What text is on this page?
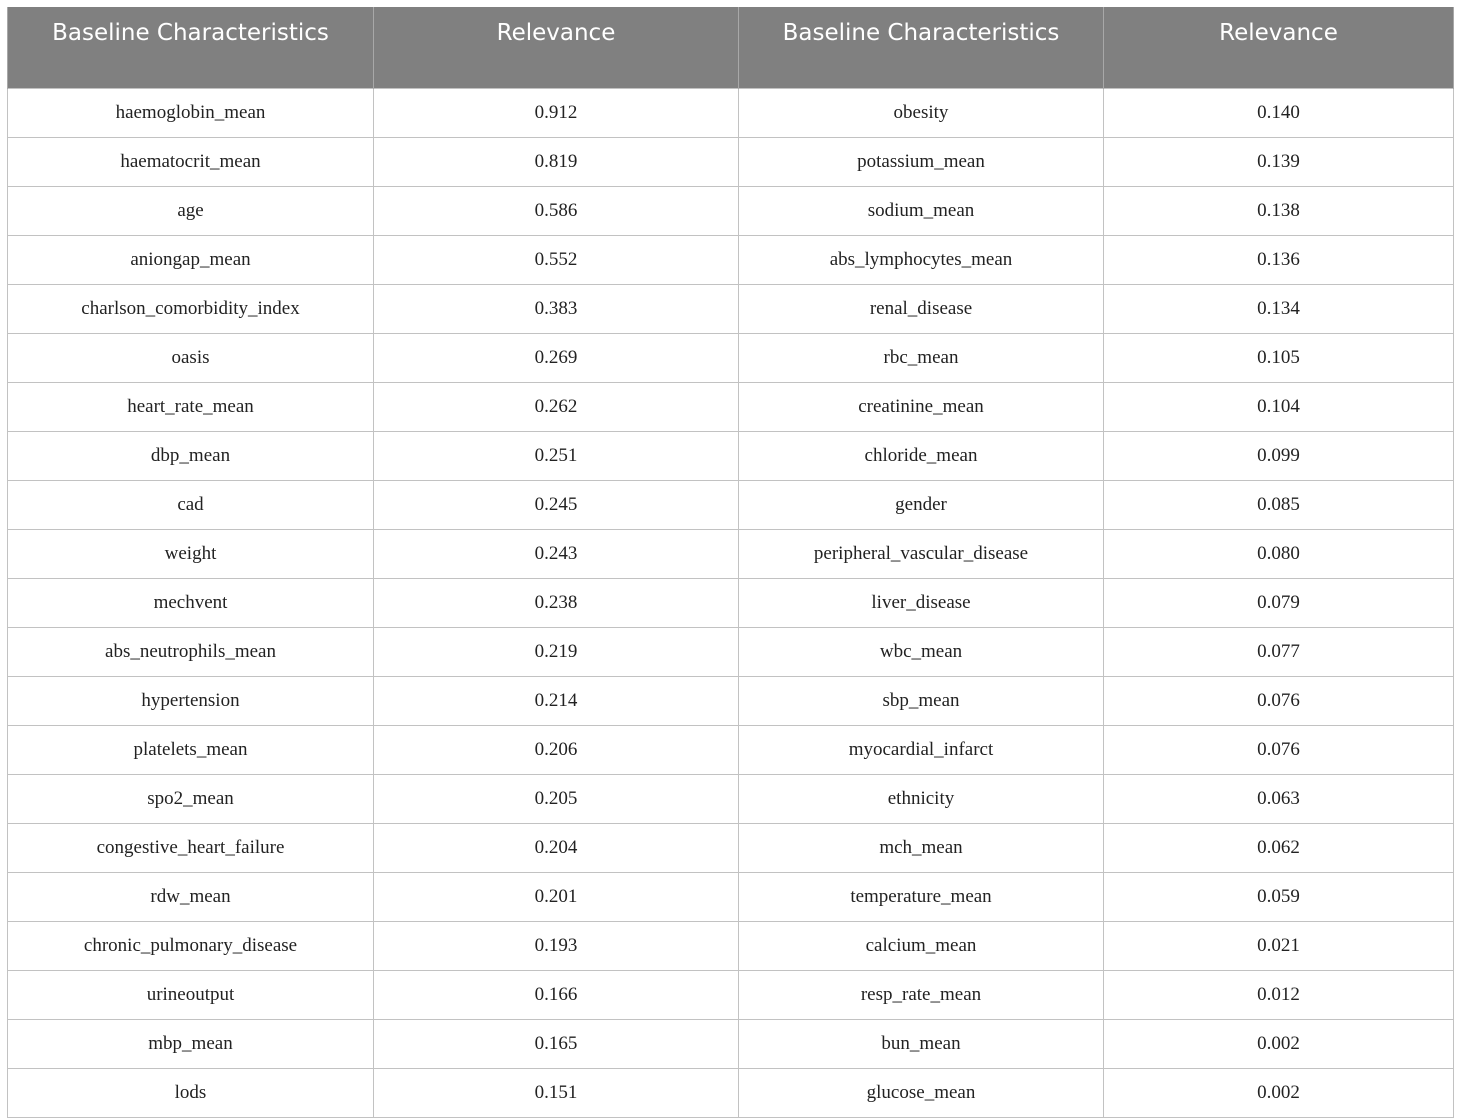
Baseline Characteristics	Relevance	Baseline Characteristics	Relevance
haemoglobin_mean	0.912	obesity	0.140
haematocrit_mean	0.819	potassium_mean	0.139
age	0.586	sodium_mean	0.138
aniongap_mean	0.552	abs_lymphocytes_mean	0.136
charlson_comorbidity_index	0.383	renal_disease	0.134
oasis	0.269	rbc_mean	0.105
heart_rate_mean	0.262	creatinine_mean	0.104
dbp_mean	0.251	chloride_mean	0.099
cad	0.245	gender	0.085
weight	0.243	peripheral_vascular_disease	0.080
mechvent	0.238	liver_disease	0.079
abs_neutrophils_mean	0.219	wbc_mean	0.077
hypertension	0.214	sbp_mean	0.076
platelets_mean	0.206	myocardial_infarct	0.076
spo2_mean	0.205	ethnicity	0.063
congestive_heart_failure	0.204	mch_mean	0.062
rdw_mean	0.201	temperature_mean	0.059
chronic_pulmonary_disease	0.193	calcium_mean	0.021
urineoutput	0.166	resp_rate_mean	0.012
mbp_mean	0.165	bun_mean	0.002
lods	0.151	glucose_mean	0.002
